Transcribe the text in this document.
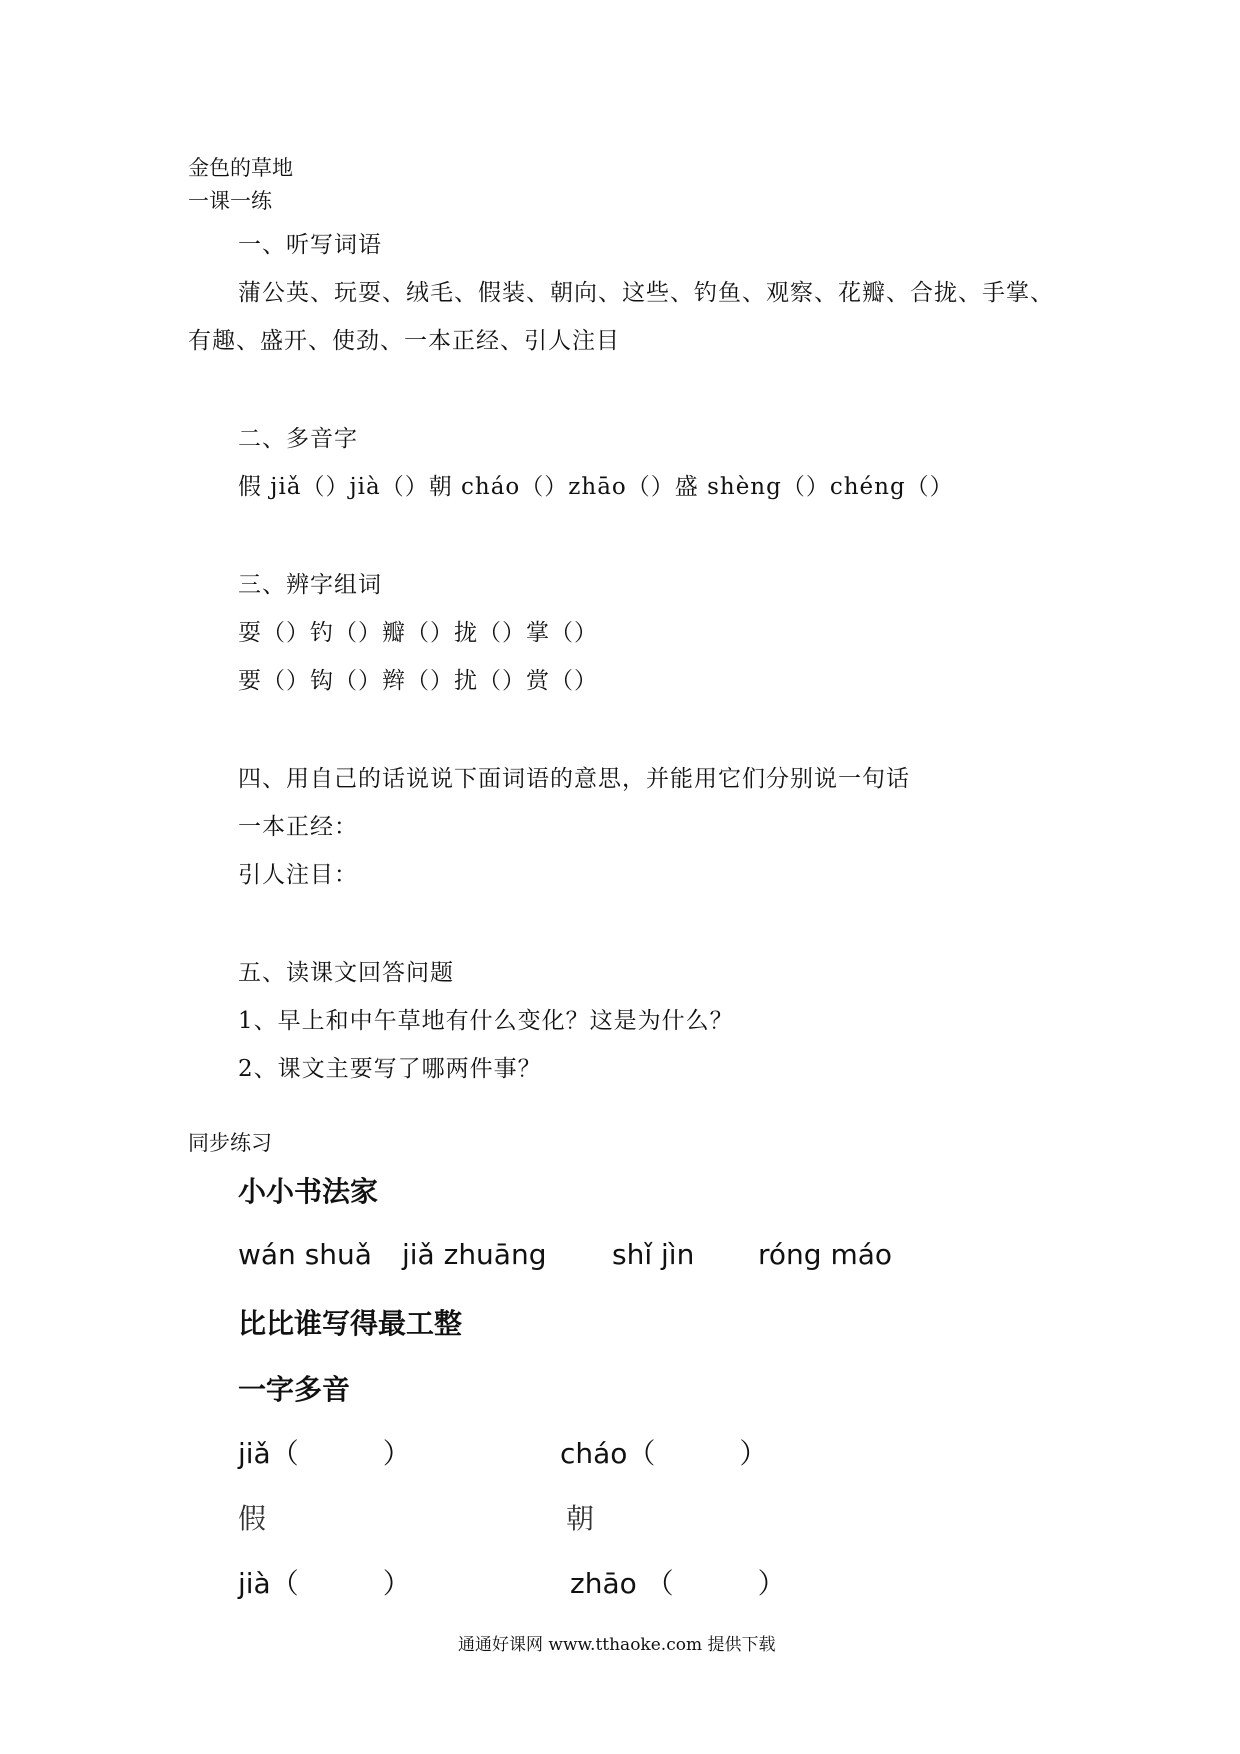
金色的草地
一课一练
一、听写词语
蒲公英、玩耍、绒毛、假装、朝向、这些、钓鱼、观察、花瓣、合拢、手掌、
有趣、盛开、使劲、一本正经、引人注目
二、多音字
假 jiǎ（）jià（）朝 cháo（）zhāo（）盛 shèng（）chéng（）
三、辨字组词
耍（）钓（）瓣（）拢（）掌（）
要（）钩（）辫（）扰（）赏（）
四、用自己的话说说下面词语的意思，并能用它们分别说一句话
一本正经：
引人注目：
五、读课文回答问题
1、早上和中午草地有什么变化？这是为什么？
2、课文主要写了哪两件事？
同步练习
小小书法家
wán shuǎ jiǎ zhuāng shǐ jìn róng máo
比比谁写得最工整
一字多音
jiǎ（　　　）	cháo（　　　）
假	朝
jià（　　　）	zhāo （　　　）
通通好课网 www.tthaoke.com 提供下载
